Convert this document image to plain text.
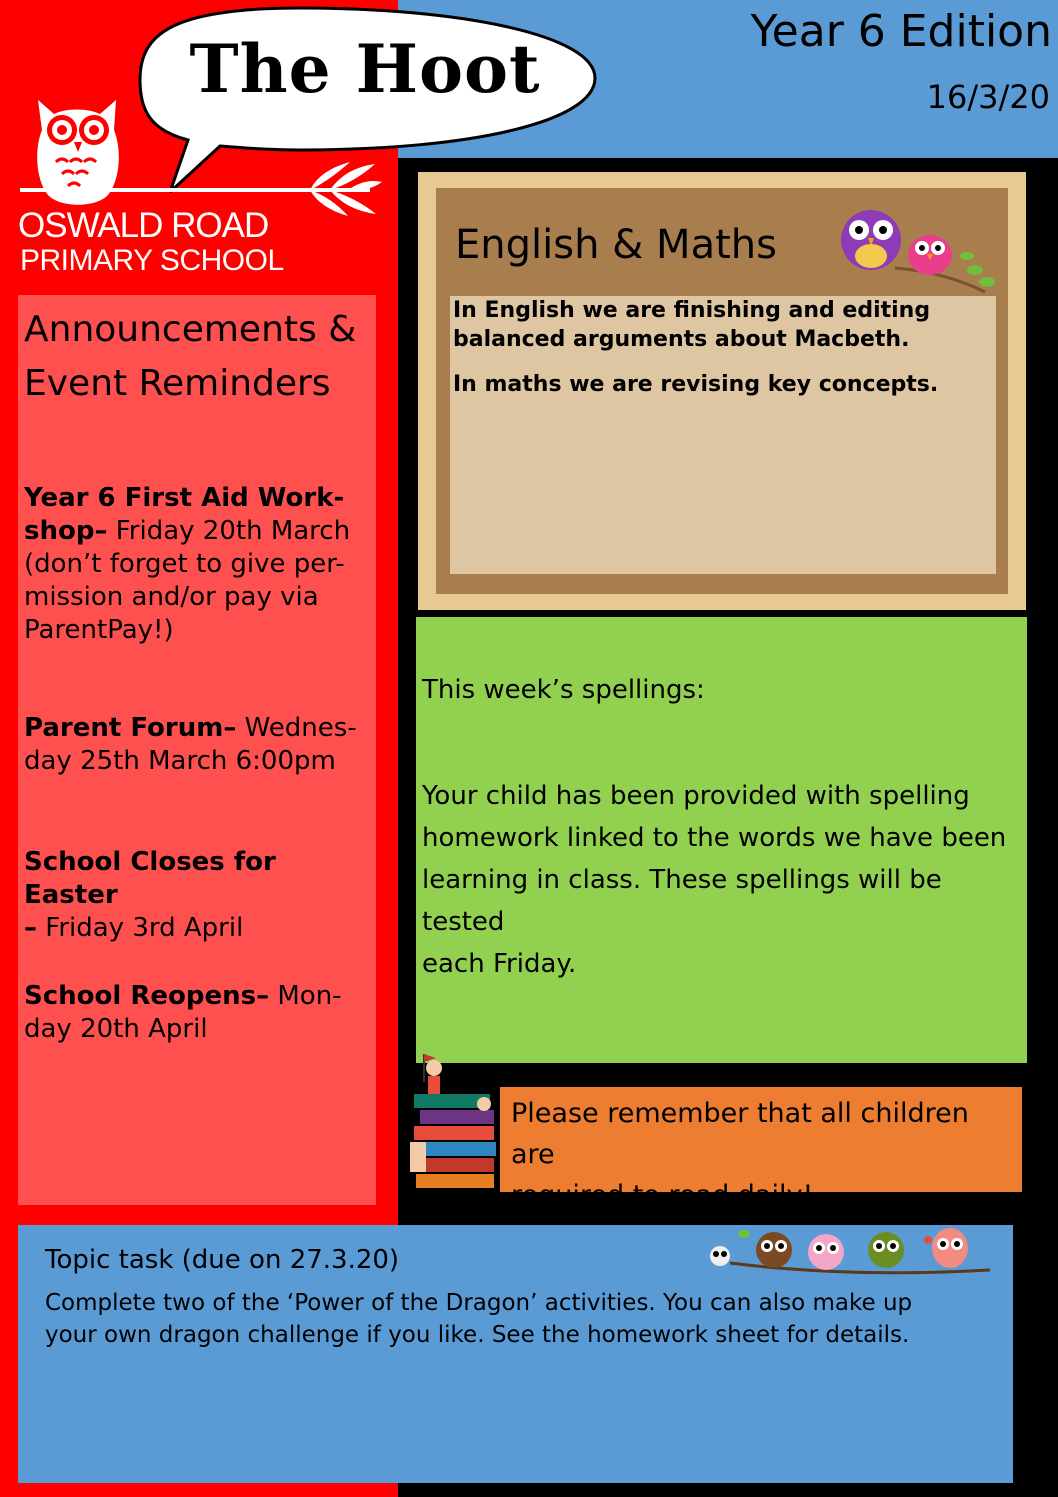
The Hoot	Year 6 Edition
16/3/20
OSWALD ROAD
PRIMARY SCHOOL
Announcements &
Event Reminders
Year 6 First Aid Work-
shop– Friday 20th March
(don’t forget to give per-
mission and/or pay via
ParentPay!)
Parent Forum– Wednes-
day 25th March 6:00pm
School Closes for Easter
– Friday 3rd April
School Reopens– Mon-
day 20th April
English & Maths
In English we are finishing and editing
balanced arguments about Macbeth.
In maths we are revising key concepts.
This week’s spellings:
Your child has been provided with spelling
homework linked to the words we have been
learning in class. These spellings will be tested
each Friday.
Please remember that all children are
required to read daily!
Topic task (due on 27.3.20)
Complete two of the ‘Power of the Dragon’ activities. You can also make up
your own dragon challenge if you like. See the homework sheet for details.
